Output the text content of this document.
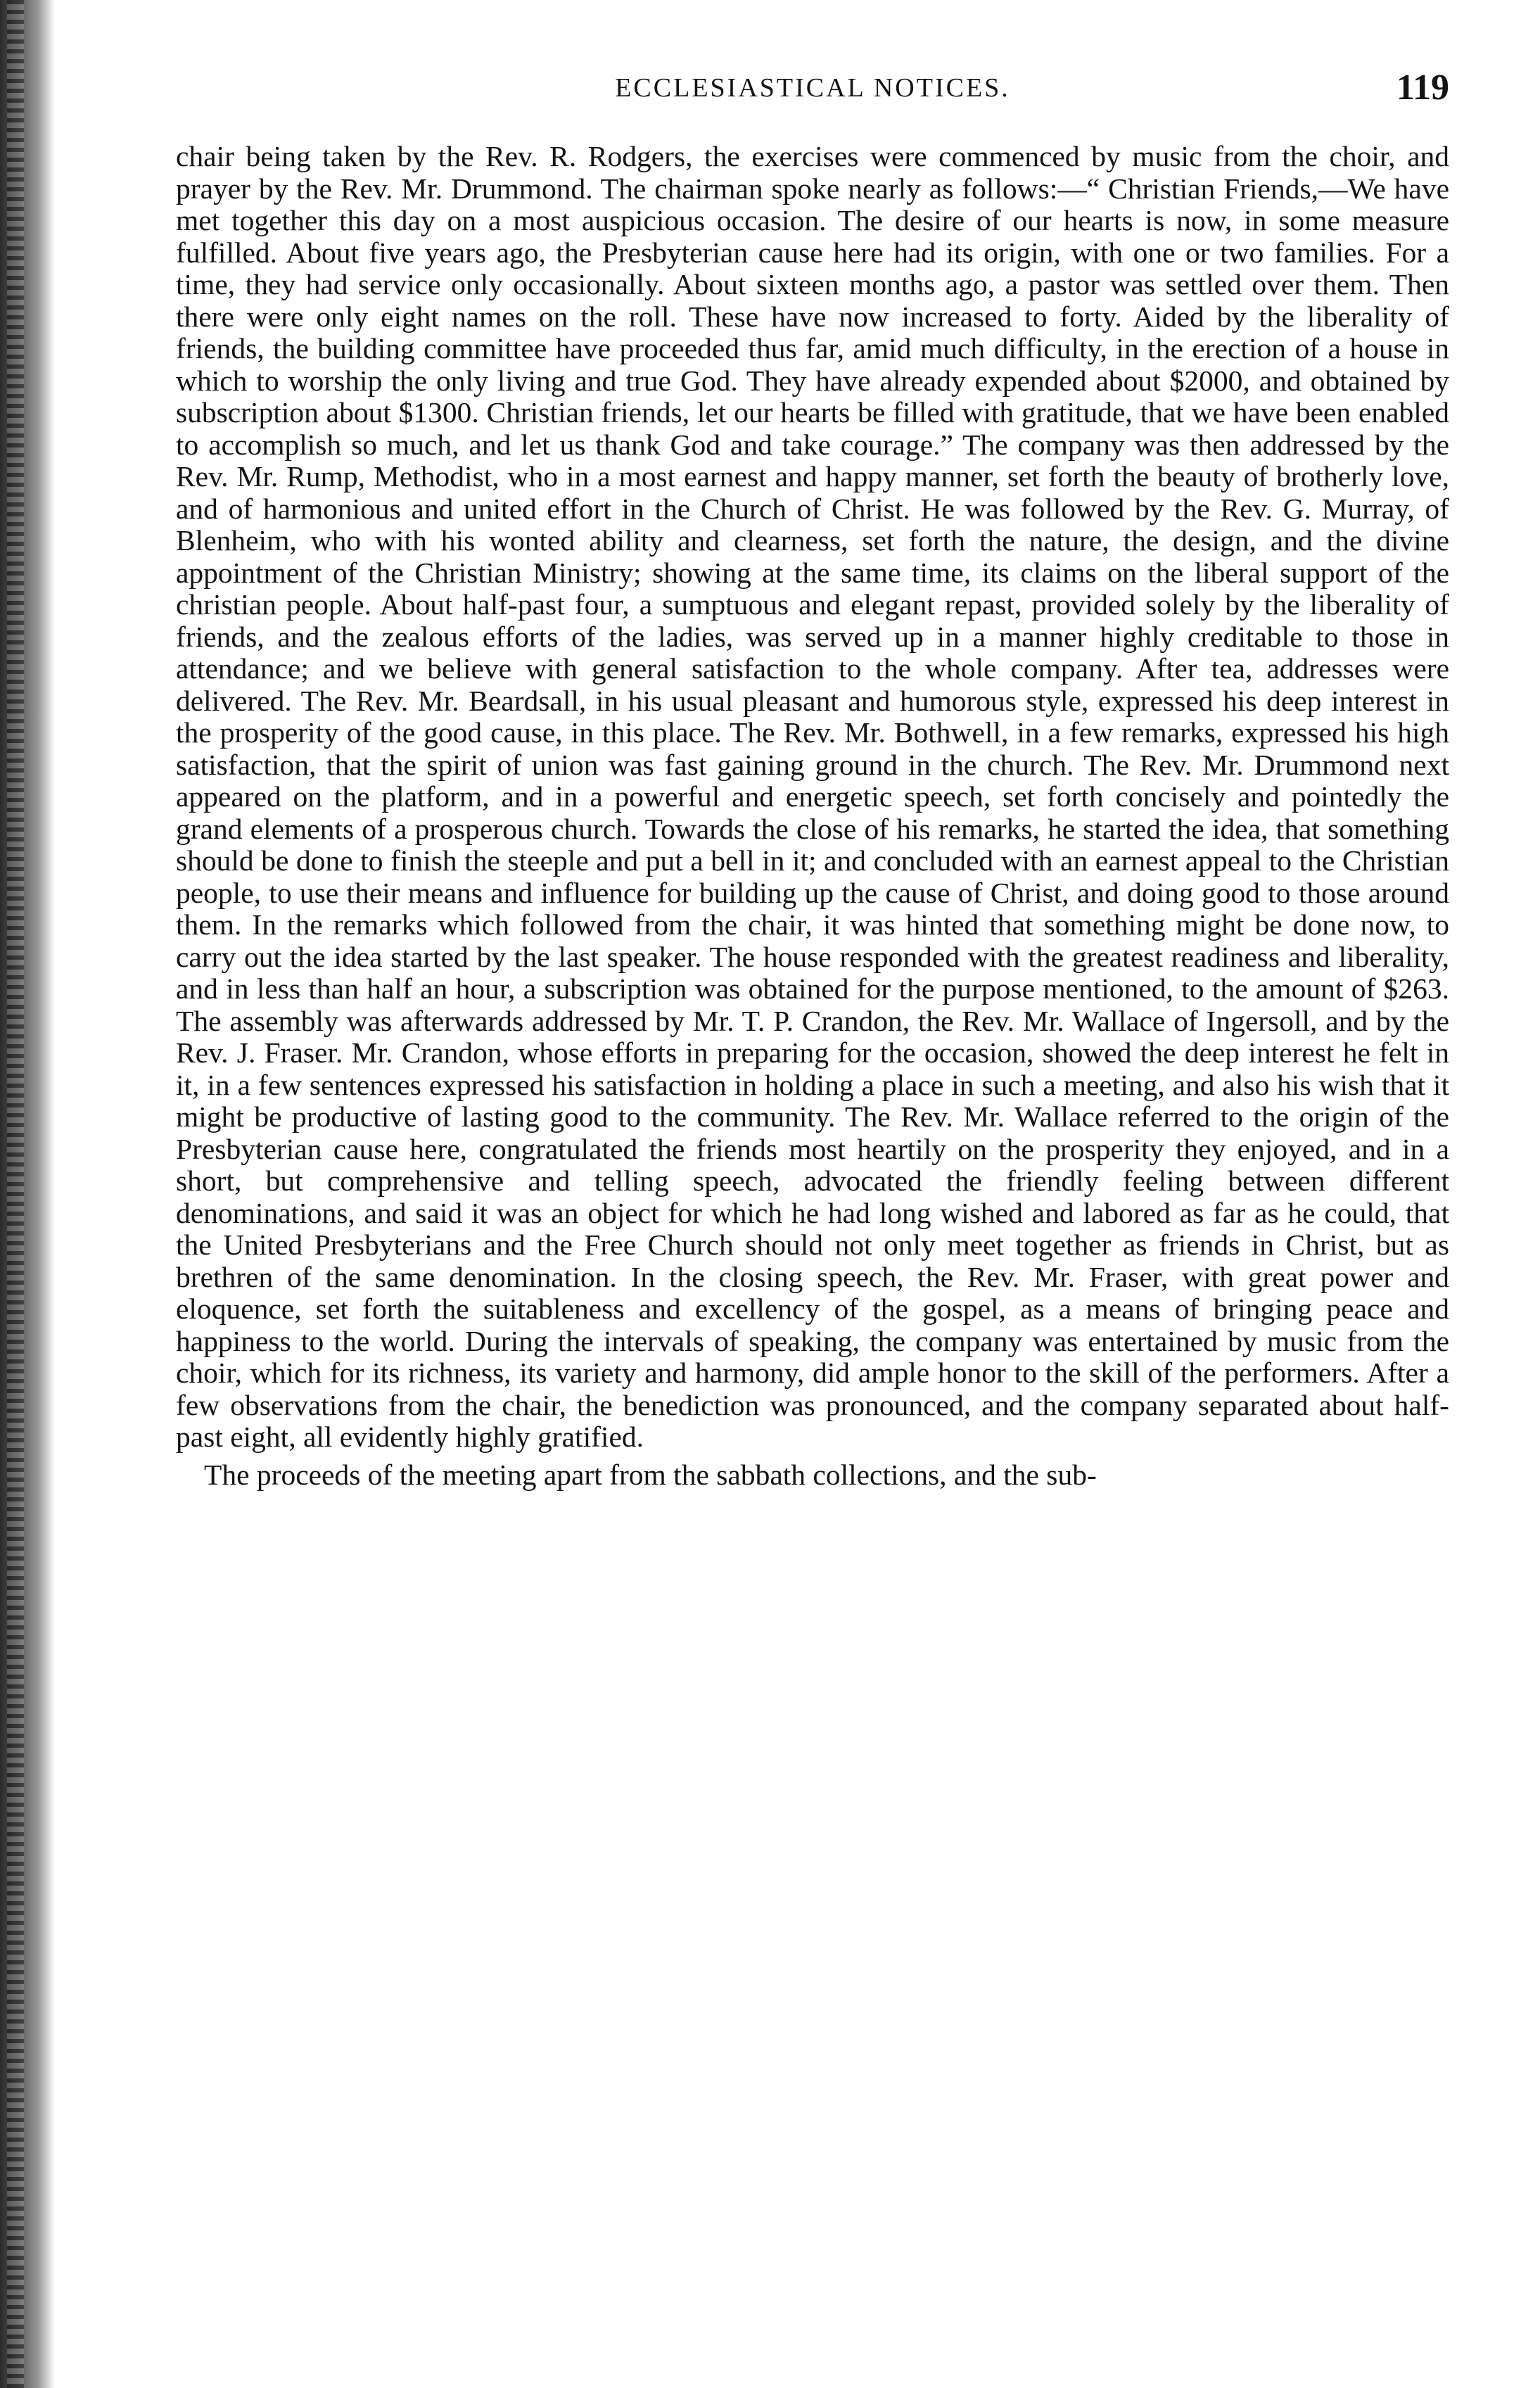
ECCLESIASTICAL NOTICES.	119

chair being taken by the Rev. R. Rodgers, the exercises were commenced by music from the choir, and prayer by the Rev. Mr. Drummond. The chairman spoke nearly as follows:—“ Christian Friends,—We have met together this day on a most auspicious occasion. The desire of our hearts is now, in some measure fulfilled. About five years ago, the Presbyterian cause here had its origin, with one or two families. For a time, they had service only occasionally. About sixteen months ago, a pastor was settled over them. Then there were only eight names on the roll. These have now increased to forty. Aided by the liberality of friends, the building committee have proceeded thus far, amid much difficulty, in the erection of a house in which to worship the only living and true God. They have already expended about $2000, and obtained by subscription about $1300. Christian friends, let our hearts be filled with gratitude, that we have been enabled to accomplish so much, and let us thank God and take courage.” The company was then addressed by the Rev. Mr. Rump, Methodist, who in a most earnest and happy manner, set forth the beauty of brotherly love, and of harmonious and united effort in the Church of Christ. He was followed by the Rev. G. Murray, of Blenheim, who with his wonted ability and clearness, set forth the nature, the design, and the divine appointment of the Christian Ministry; showing at the same time, its claims on the liberal support of the christian people. About half-past four, a sumptuous and elegant repast, provided solely by the liberality of friends, and the zealous efforts of the ladies, was served up in a manner highly creditable to those in attendance; and we believe with general satisfaction to the whole company. After tea, addresses were delivered. The Rev. Mr. Beardsall, in his usual pleasant and humorous style, expressed his deep interest in the prosperity of the good cause, in this place. The Rev. Mr. Bothwell, in a few remarks, expressed his high satisfaction, that the spirit of union was fast gaining ground in the church. The Rev. Mr. Drummond next appeared on the platform, and in a powerful and energetic speech, set forth concisely and pointedly the grand elements of a prosperous church. Towards the close of his remarks, he started the idea, that something should be done to finish the steeple and put a bell in it; and concluded with an earnest appeal to the Christian people, to use their means and influence for building up the cause of Christ, and doing good to those around them. In the remarks which followed from the chair, it was hinted that something might be done now, to carry out the idea started by the last speaker. The house responded with the greatest readiness and liberality, and in less than half an hour, a subscription was obtained for the purpose mentioned, to the amount of $263. The assembly was afterwards addressed by Mr. T. P. Crandon, the Rev. Mr. Wallace of Ingersoll, and by the Rev. J. Fraser. Mr. Crandon, whose efforts in preparing for the occasion, showed the deep interest he felt in it, in a few sentences expressed his satisfaction in holding a place in such a meeting, and also his wish that it might be productive of lasting good to the community. The Rev. Mr. Wallace referred to the origin of the Presbyterian cause here, congratulated the friends most heartily on the prosperity they enjoyed, and in a short, but comprehensive and telling speech, advocated the friendly feeling between different denominations, and said it was an object for which he had long wished and labored as far as he could, that the United Presbyterians and the Free Church should not only meet together as friends in Christ, but as brethren of the same denomination. In the closing speech, the Rev. Mr. Fraser, with great power and eloquence, set forth the suitableness and excellency of the gospel, as a means of bringing peace and happiness to the world. During the intervals of speaking, the company was entertained by music from the choir, which for its richness, its variety and harmony, did ample honor to the skill of the performers. After a few observations from the chair, the benediction was pronounced, and the company separated about half-past eight, all evidently highly gratified.

The proceeds of the meeting apart from the sabbath collections, and the sub-
